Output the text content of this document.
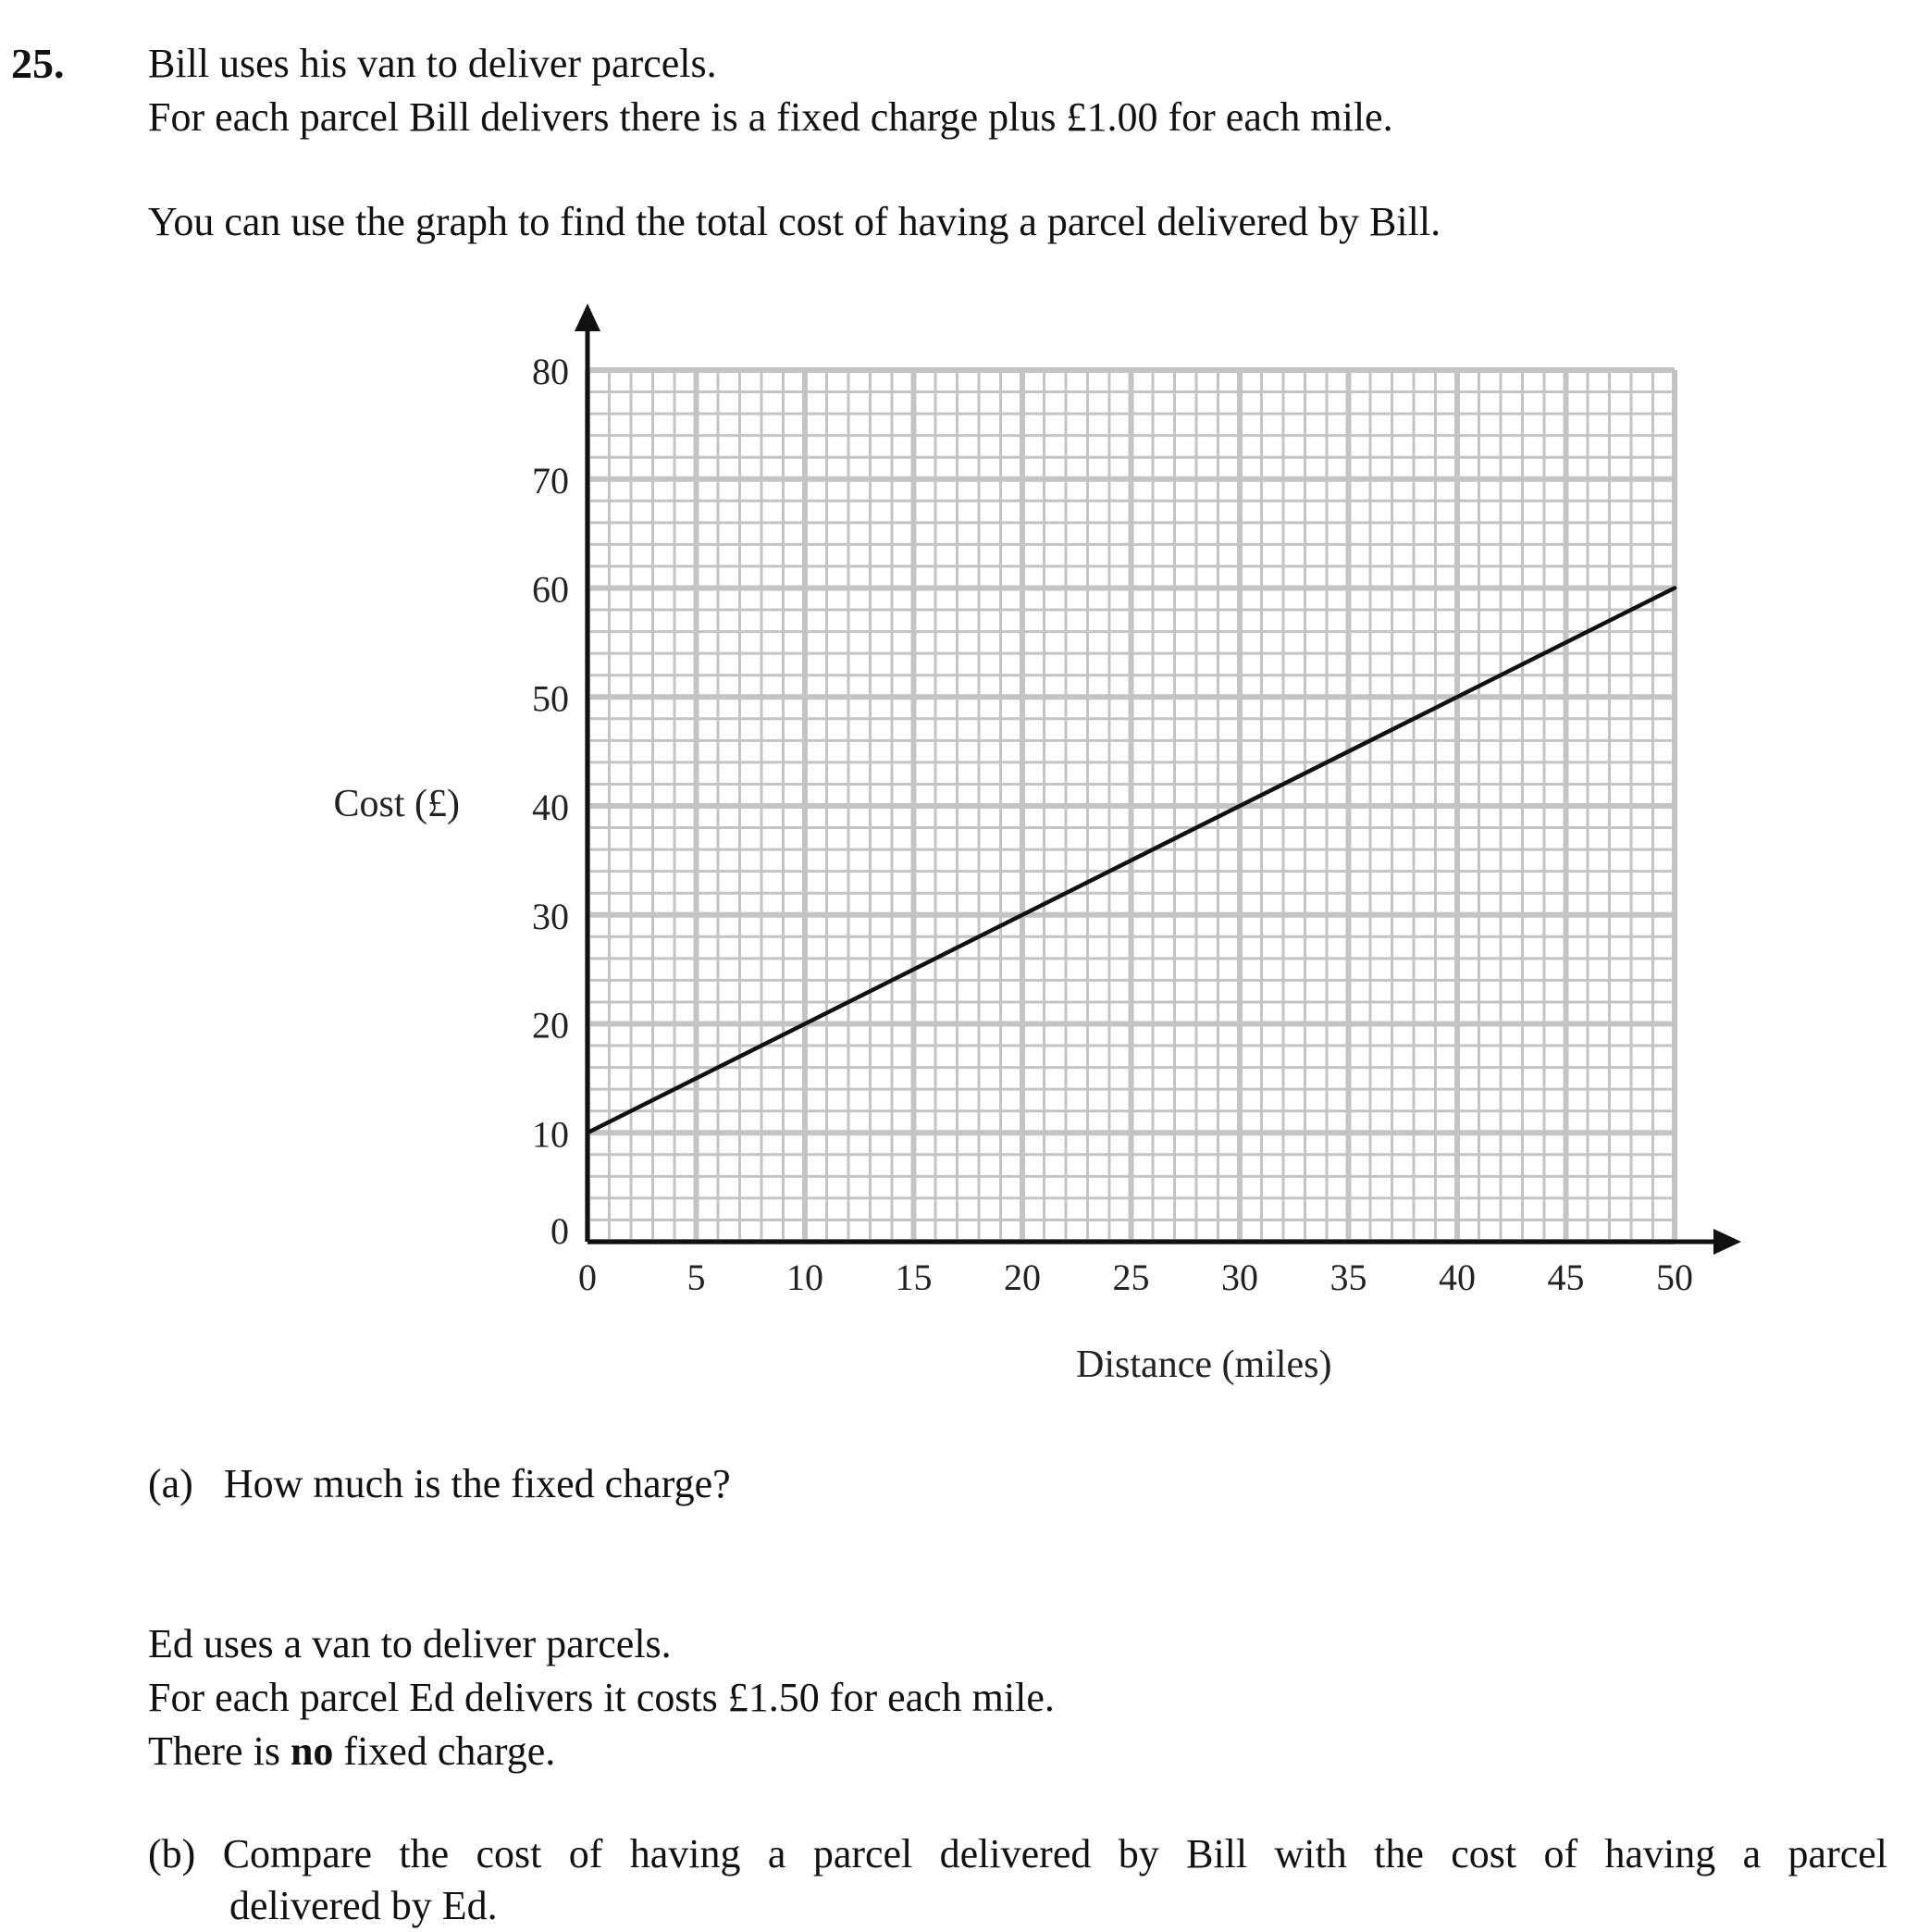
25. Bill uses his van to deliver parcels.

For each parcel Bill delivers there is a fixed charge plus £1.00 for each mile.

You can use the graph to find the total cost of having a parcel delivered by Bill.

0
10
20
30
40
50
60
70
80
0 5 10 15 20 25 30 35 40 45 50
Cost (£)
Distance (miles)

(a) How much is the fixed charge?

Ed uses a van to deliver parcels.

For each parcel Ed delivers it costs £1.50 for each mile.

There is no fixed charge.

(b) Compare the cost of having a parcel delivered by Bill with the cost of having a parcel
delivered by Ed.
